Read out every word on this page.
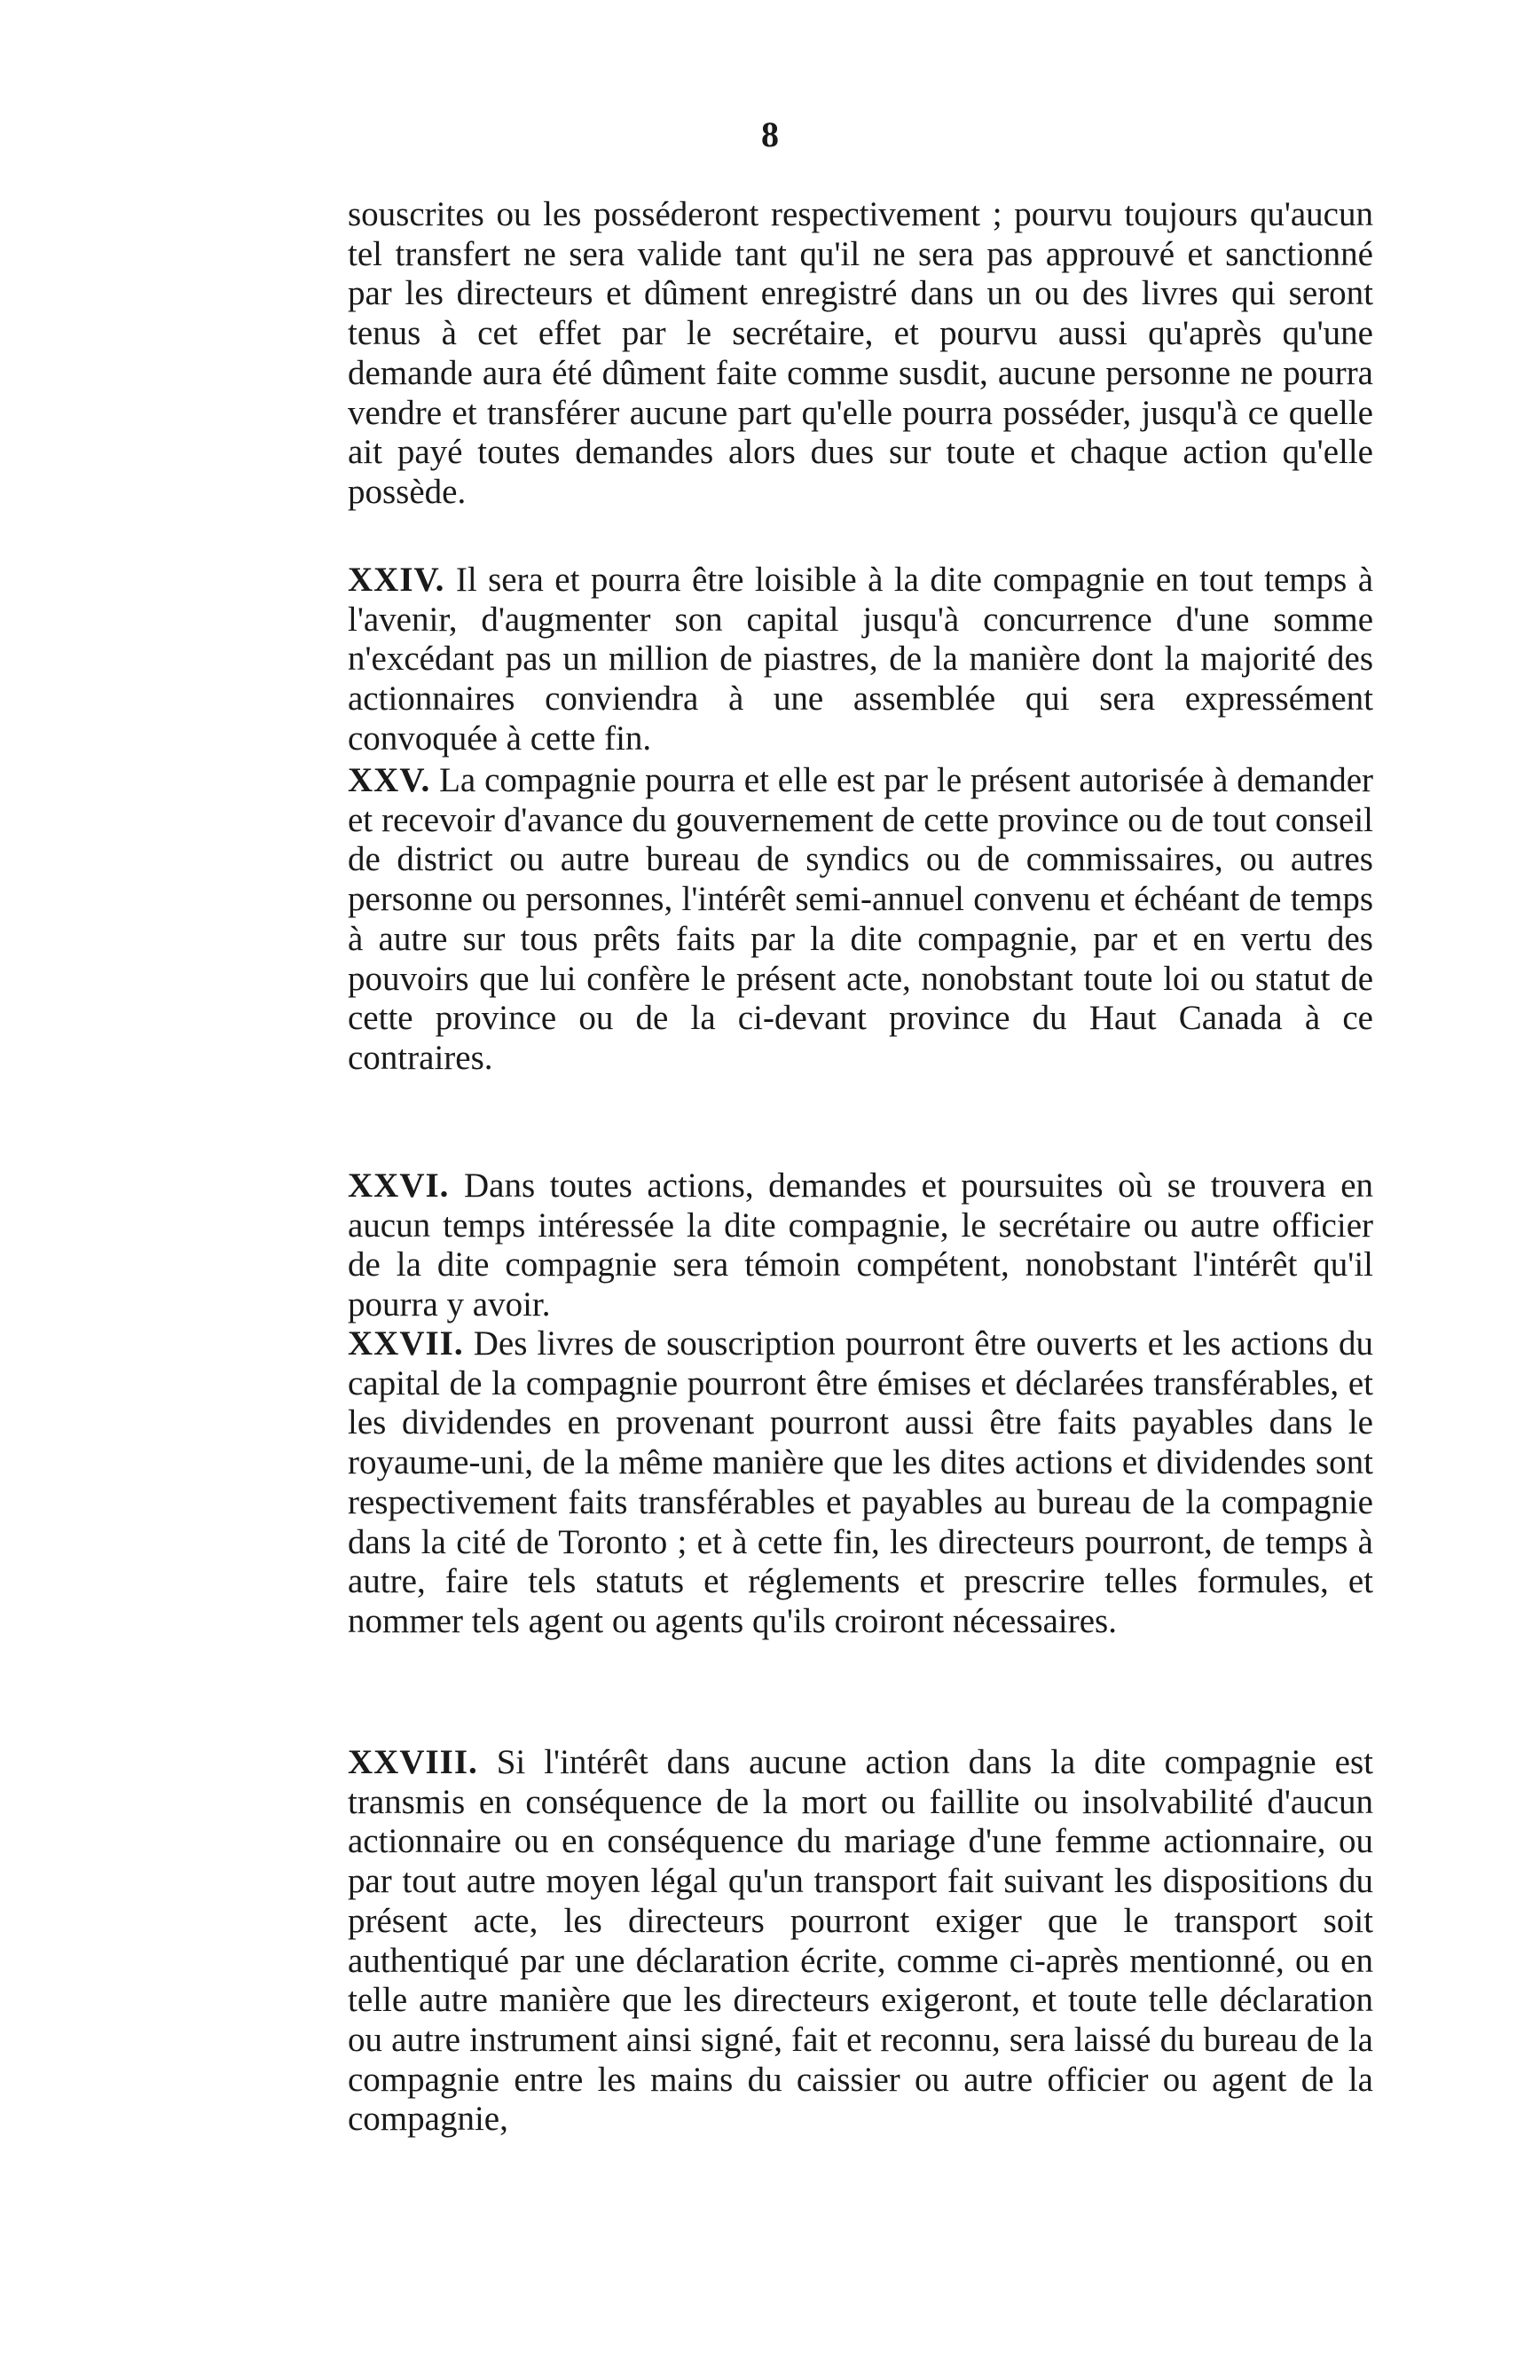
8

souscrites ou les posséderont respectivement ; pourvu toujours qu'aucun tel transfert ne sera valide tant qu'il ne sera pas approuvé et sanctionné par les directeurs et dûment enregistré dans un ou des livres qui seront tenus à cet effet par le secrétaire, et pourvu aussi qu'après qu'une demande aura été dûment faite comme susdit, aucune personne ne pourra vendre et transférer aucune part qu'elle pourra posséder, jusqu'à ce quelle ait payé toutes demandes alors dues sur toute et chaque action qu'elle possède.

XXIV. Il sera et pourra être loisible à la dite compagnie en tout temps à l'avenir, d'augmenter son capital jusqu'à concurrence d'une somme n'excédant pas un million de piastres, de la manière dont la majorité des actionnaires conviendra à une assemblée qui sera expressément convoquée à cette fin.

XXV. La compagnie pourra et elle est par le présent autorisée à demander et recevoir d'avance du gouvernement de cette province ou de tout conseil de district ou autre bureau de syndics ou de commissaires, ou autres personne ou personnes, l'intérêt semi-annuel convenu et échéant de temps à autre sur tous prêts faits par la dite compagnie, par et en vertu des pouvoirs que lui confère le présent acte, nonobstant toute loi ou statut de cette province ou de la ci-devant province du Haut Canada à ce contraires.

XXVI. Dans toutes actions, demandes et poursuites où se trouvera en aucun temps intéressée la dite compagnie, le secrétaire ou autre officier de la dite compagnie sera témoin compétent, nonobstant l'intérêt qu'il pourra y avoir.

XXVII. Des livres de souscription pourront être ouverts et les actions du capital de la compagnie pourront être émises et déclarées transférables, et les dividendes en provenant pourront aussi être faits payables dans le royaume-uni, de la même manière que les dites actions et dividendes sont respectivement faits transférables et payables au bureau de la compagnie dans la cité de Toronto ; et à cette fin, les directeurs pourront, de temps à autre, faire tels statuts et réglements et prescrire telles formules, et nommer tels agent ou agents qu'ils croiront nécessaires.

XXVIII. Si l'intérêt dans aucune action dans la dite compagnie est transmis en conséquence de la mort ou faillite ou insolvabilité d'aucun actionnaire ou en conséquence du mariage d'une femme actionnaire, ou par tout autre moyen légal qu'un transport fait suivant les dispositions du présent acte, les directeurs pourront exiger que le transport soit authentiqué par une déclaration écrite, comme ci-après mentionné, ou en telle autre manière que les directeurs exigeront, et toute telle déclaration ou autre instrument ainsi signé, fait et reconnu, sera laissé du bureau de la compagnie entre les mains du caissier ou autre officier ou agent de la compagnie,
